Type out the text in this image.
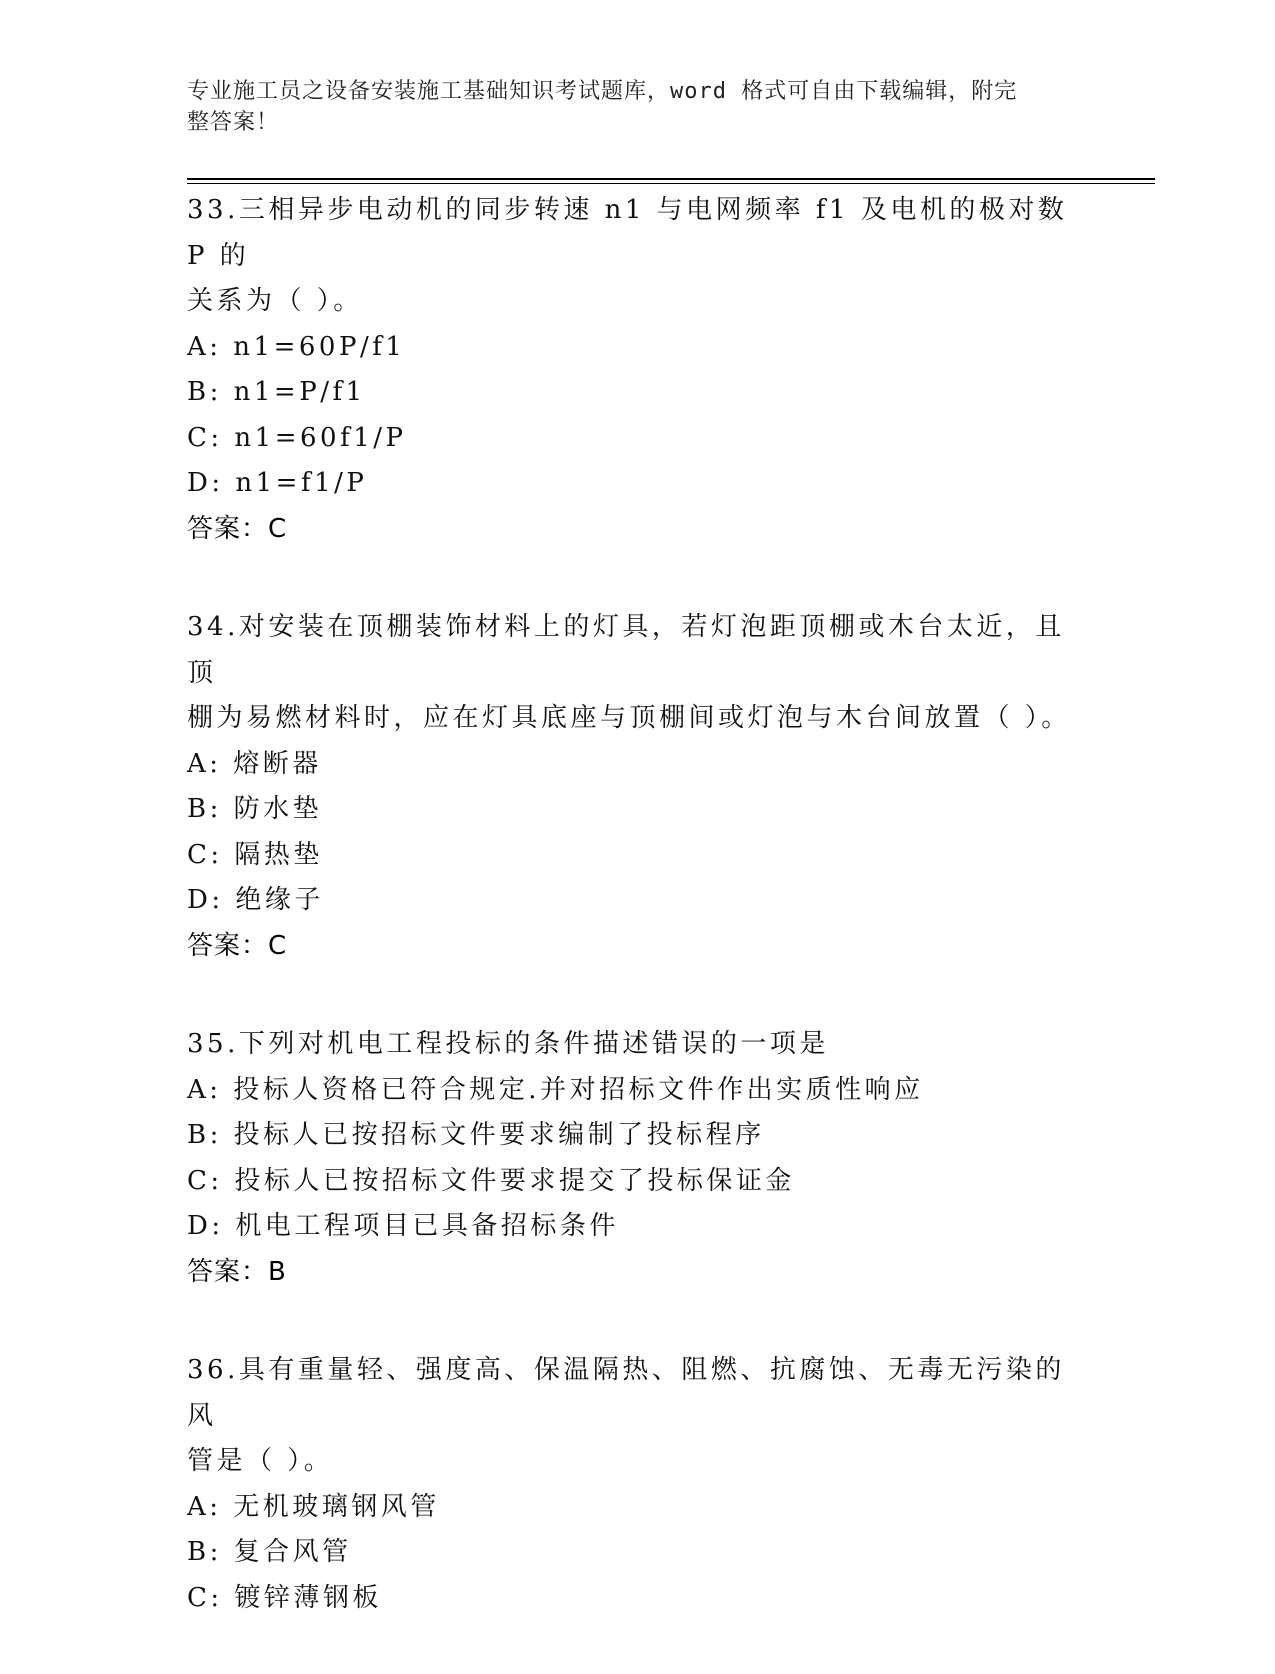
专业施工员之设备安装施工基础知识考试题库，word 格式可自由下载编辑，附完
整答案！
33.三相异步电动机的同步转速 n1 与电网频率 f1 及电机的极对数 P 的
关系为（ ）。
A: n1=60P/f1
B: n1=P/f1
C: n1=60f1/P
D: n1=f1/P
答案：C
34.对安装在顶棚装饰材料上的灯具，若灯泡距顶棚或木台太近，且顶
棚为易燃材料时，应在灯具底座与顶棚间或灯泡与木台间放置（ ）。
A: 熔断器
B: 防水垫
C: 隔热垫
D: 绝缘子
答案：C
35.下列对机电工程投标的条件描述错误的一项是
A: 投标人资格已符合规定.并对招标文件作出实质性响应
B: 投标人已按招标文件要求编制了投标程序
C: 投标人已按招标文件要求提交了投标保证金
D: 机电工程项目已具备招标条件
答案：B
36.具有重量轻、强度高、保温隔热、阻燃、抗腐蚀、无毒无污染的风
管是（ ）。
A: 无机玻璃钢风管
B: 复合风管
C: 镀锌薄钢板
